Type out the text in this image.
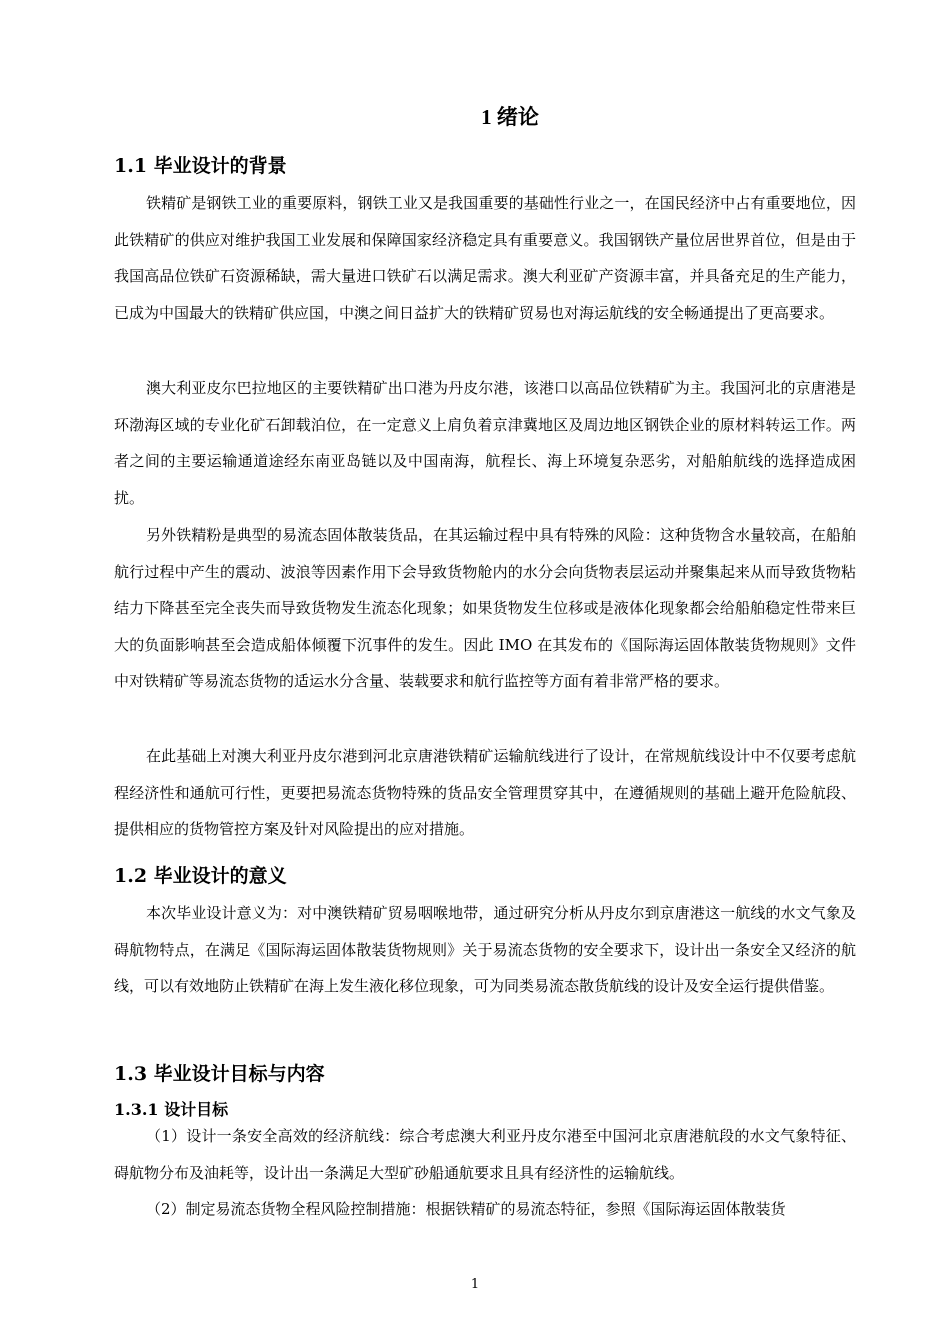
1 绪论
1.1 毕业设计的背景

铁精矿是钢铁工业的重要原料，钢铁工业又是我国重要的基础性行业之一，在国民经济中占有重要地位，因此铁精矿的供应对维护我国工业发展和保障国家经济稳定具有重要意义。我国钢铁产量位居世界首位，但是由于我国高品位铁矿石资源稀缺，需大量进口铁矿石以满足需求。澳大利亚矿产资源丰富，并具备充足的生产能力，已成为中国最大的铁精矿供应国，中澳之间日益扩大的铁精矿贸易也对海运航线的安全畅通提出了更高要求。

澳大利亚皮尔巴拉地区的主要铁精矿出口港为丹皮尔港，该港口以高品位铁精矿为主。我国河北的京唐港是环渤海区域的专业化矿石卸载泊位，在一定意义上肩负着京津冀地区及周边地区钢铁企业的原材料转运工作。两者之间的主要运输通道途经东南亚岛链以及中国南海，航程长、海上环境复杂恶劣，对船舶航线的选择造成困扰。

另外铁精粉是典型的易流态固体散装货品，在其运输过程中具有特殊的风险：这种货物含水量较高，在船舶航行过程中产生的震动、波浪等因素作用下会导致货物舱内的水分会向货物表层运动并聚集起来从而导致货物粘结力下降甚至完全丧失而导致货物发生流态化现象；如果货物发生位移或是液体化现象都会给船舶稳定性带来巨大的负面影响甚至会造成船体倾覆下沉事件的发生。因此 IMO 在其发布的《国际海运固体散装货物规则》文件中对铁精矿等易流态货物的适运水分含量、装载要求和航行监控等方面有着非常严格的要求。

在此基础上对澳大利亚丹皮尔港到河北京唐港铁精矿运输航线进行了设计，在常规航线设计中不仅要考虑航程经济性和通航可行性，更要把易流态货物特殊的货品安全管理贯穿其中，在遵循规则的基础上避开危险航段、提供相应的货物管控方案及针对风险提出的应对措施。

1.2 毕业设计的意义

本次毕业设计意义为：对中澳铁精矿贸易咽喉地带，通过研究分析从丹皮尔到京唐港这一航线的水文气象及碍航物特点，在满足《国际海运固体散装货物规则》关于易流态货物的安全要求下，设计出一条安全又经济的航线，可以有效地防止铁精矿在海上发生液化移位现象，可为同类易流态散货航线的设计及安全运行提供借鉴。

1.3 毕业设计目标与内容
1.3.1 设计目标

（1）设计一条安全高效的经济航线：综合考虑澳大利亚丹皮尔港至中国河北京唐港航段的水文气象特征、碍航物分布及油耗等，设计出一条满足大型矿砂船通航要求且具有经济性的运输航线。

（2）制定易流态货物全程风险控制措施：根据铁精矿的易流态特征，参照《国际海运固体散装货

1
